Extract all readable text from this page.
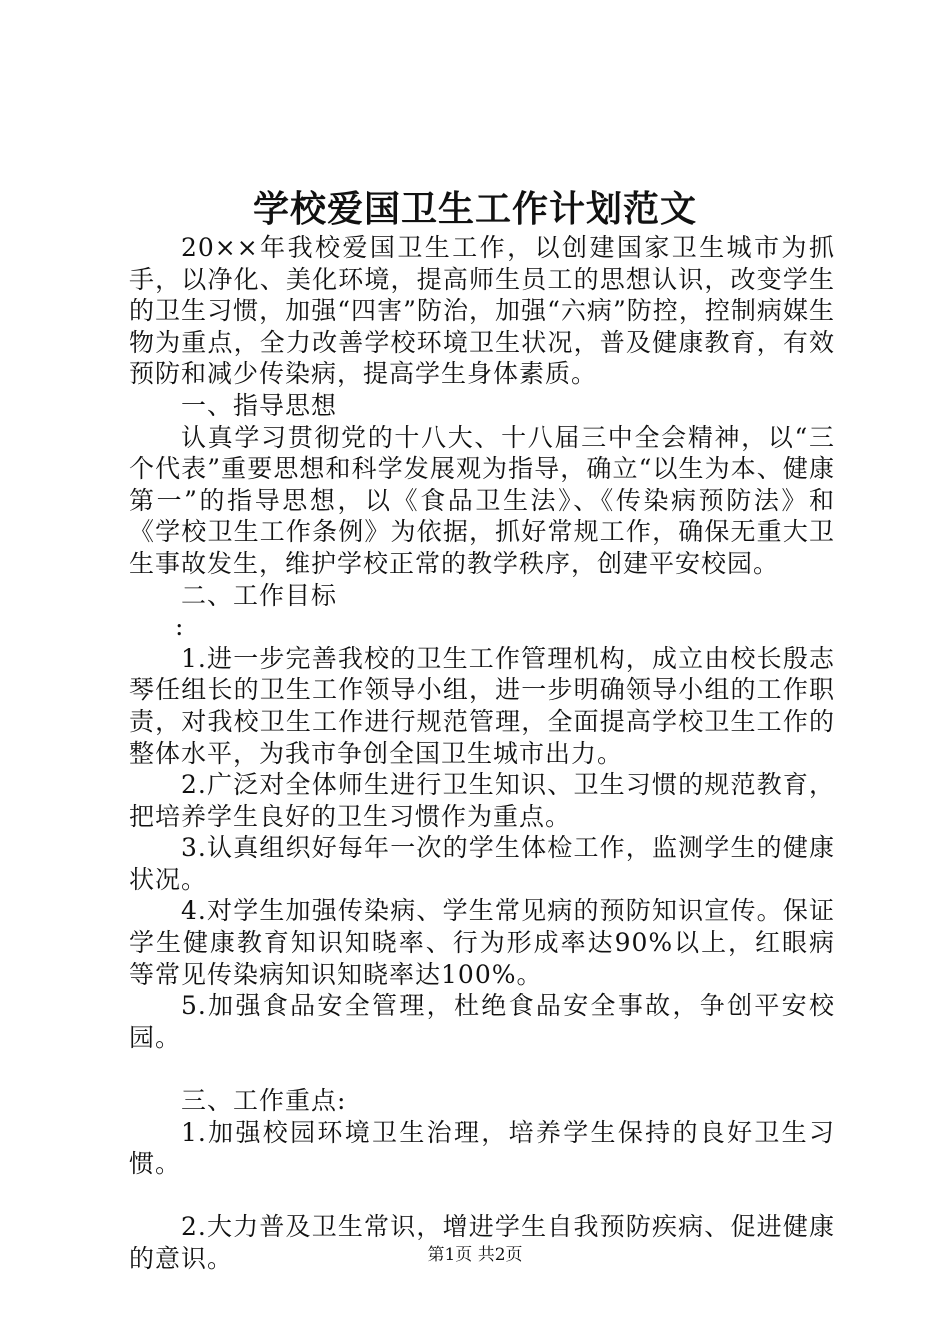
学校爱国卫生工作计划范文

20××年我校爱国卫生工作，以创建国家卫生城市为抓手，以净化、美化环境，提高师生员工的思想认识，改变学生的卫生习惯，加强“四害”防治，加强“六病”防控，控制病媒生物为重点，全力改善学校环境卫生状况，普及健康教育，有效预防和减少传染病，提高学生身体素质。

一、指导思想

认真学习贯彻党的十八大、十八届三中全会精神，以“三个代表”重要思想和科学发展观为指导，确立“以生为本、健康第一”的指导思想，以《食品卫生法》、《传染病预防法》和《学校卫生工作条例》为依据，抓好常规工作，确保无重大卫生事故发生，维护学校正常的教学秩序，创建平安校园。

二、工作目标

:

1.进一步完善我校的卫生工作管理机构，成立由校长殷志琴任组长的卫生工作领导小组，进一步明确领导小组的工作职责，对我校卫生工作进行规范管理，全面提高学校卫生工作的整体水平，为我市争创全国卫生城市出力。

2.广泛对全体师生进行卫生知识、卫生习惯的规范教育，把培养学生良好的卫生习惯作为重点。

3.认真组织好每年一次的学生体检工作，监测学生的健康状况。

4.对学生加强传染病、学生常见病的预防知识宣传。保证学生健康教育知识知晓率、行为形成率达90%以上，红眼病等常见传染病知识知晓率达100%。

5.加强食品安全管理，杜绝食品安全事故，争创平安校园。

三、工作重点:

1.加强校园环境卫生治理，培养学生保持的良好卫生习惯。

2.大力普及卫生常识，增进学生自我预防疾病、促进健康的意识。	第1页 共2页
